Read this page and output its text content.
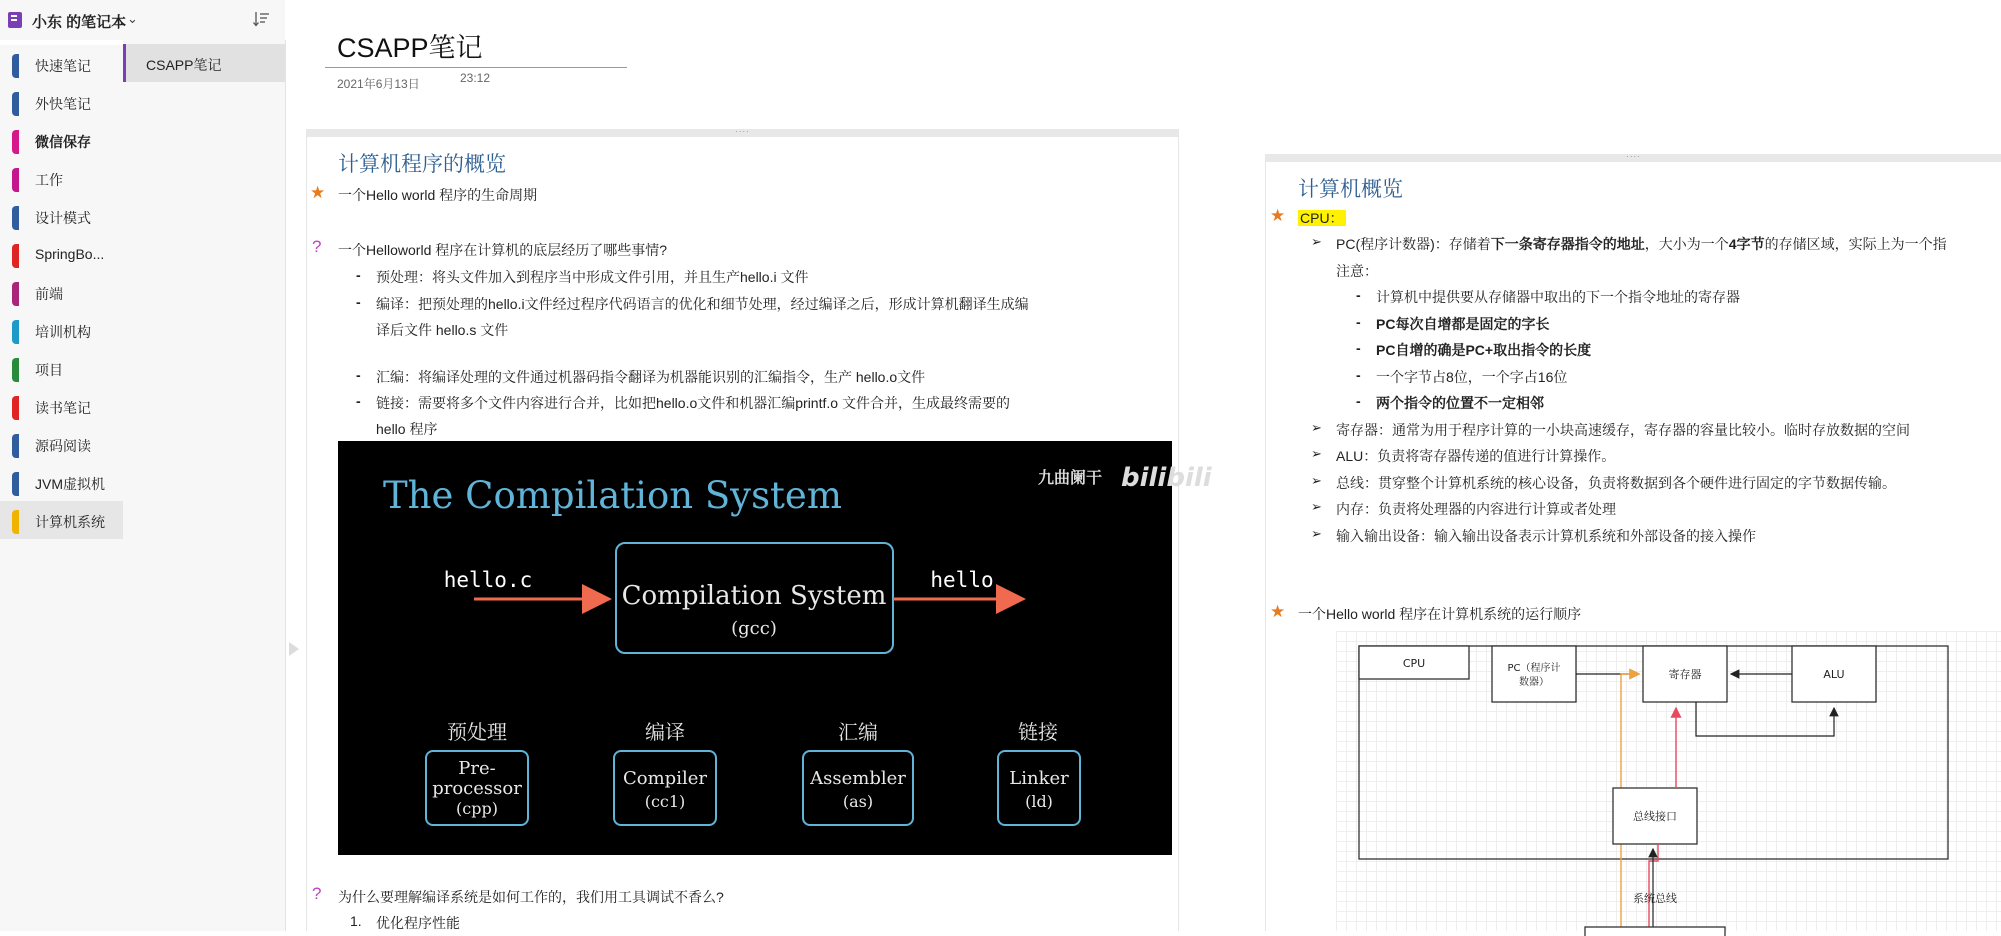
小东 的笔记本 ⌄
快速笔记
外快笔记
微信保存
工作
设计模式
SpringBo...
前端
培训机构
项目
读书笔记
源码阅读
JVM虚拟机
计算机系统
CSAPP笔记
CSAPP笔记
2021年6月13日	23:12
····
计算机程序的概览
★ 一个Hello world 程序的生命周期
? 一个Helloworld 程序在计算机的底层经历了哪些事情?
- 预处理：将头文件加入到程序当中形成文件引用，并且生产hello.i 文件
- 编译：把预处理的hello.i文件经过程序代码语言的优化和细节处理，经过编译之后，形成计算机翻译生成编
译后文件 hello.s 文件
- 汇编：将编译处理的文件通过机器码指令翻译为机器能识别的汇编指令，生产 hello.o文件
- 链接：需要将多个文件内容进行合并，比如把hello.o文件和机器汇编printf.o 文件合并，生成最终需要的
hello 程序
The Compilation System	九曲阑干 bilibili
Compilation System
(gcc)
hello.c	hello
预处理
Pre-
processor
(cpp)
编译
Compiler
(cc1)
汇编
Assembler
(as)
链接
Linker
(ld)
? 为什么要理解编译系统是如何工作的，我们用工具调试不香么?
1. 优化程序性能
····
计算机概览
★ CPU：
➢ PC(程序计数器)：存储着下一条寄存器指令的地址，大小为一个4字节的存储区域，实际上为一个指
注意：
- 计算机中提供要从存储器中取出的下一个指令地址的寄存器
- PC每次自增都是固定的字长
- PC自增的确是PC+取出指令的长度
- 一个字节占8位，一个字占16位
- 两个指令的位置不一定相邻
➢ 寄存器：通常为用于程序计算的一小块高速缓存，寄存器的容量比较小。临时存放数据的空间
➢ ALU：负责将寄存器传递的值进行计算操作。
➢ 总线：贯穿整个计算机系统的核心设备，负责将数据到各个硬件进行固定的字节数据传输。
➢ 内存：负责将处理器的内容进行计算或者处理
➢ 输入输出设备：输入输出设备表示计算机系统和外部设备的接入操作
★ 一个Hello world 程序在计算机系统的运行顺序
CPU	PC（程序计
数器）
寄存器	ALU
总线接口
系统总线
